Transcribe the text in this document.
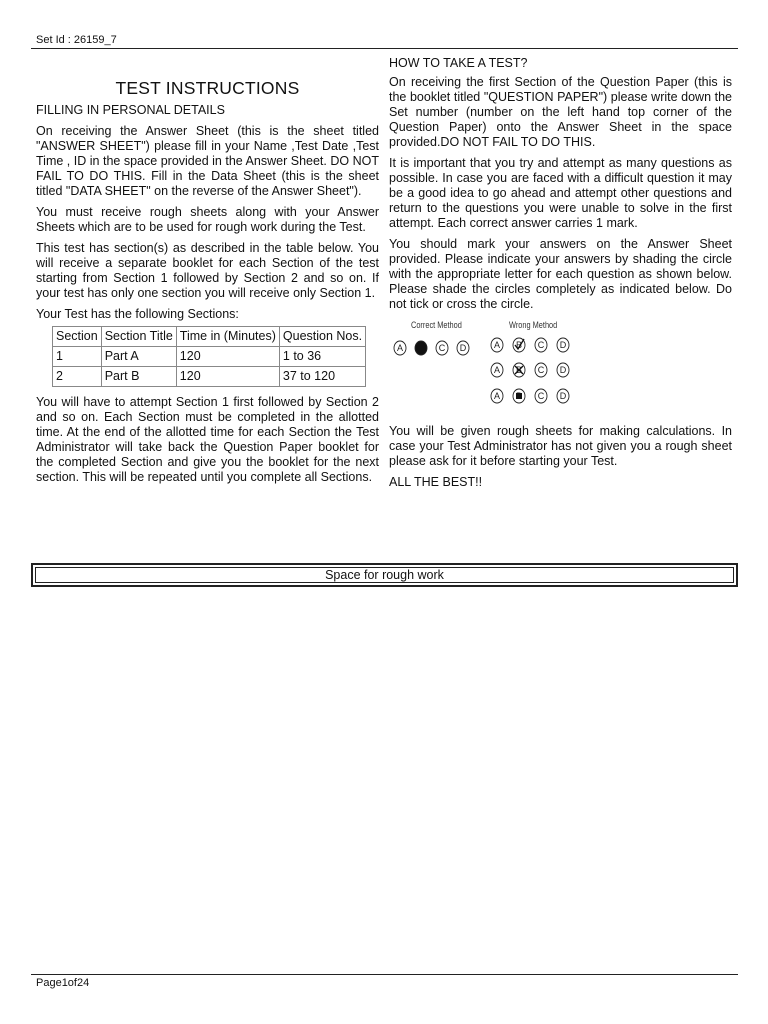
Set Id : 26159_7

TEST INSTRUCTIONS

FILLING IN PERSONAL DETAILS

On receiving the Answer Sheet (this is the sheet titled "ANSWER SHEET") please fill in your Name ,Test Date ,Test Time , ID in the space provided in the Answer Sheet. DO NOT FAIL TO DO THIS. Fill in the Data Sheet (this is the sheet titled "DATA SHEET" on the reverse of the Answer Sheet").

You must receive rough sheets along with your Answer Sheets which are to be used for rough work during the Test.

This test has section(s) as described in the table below. You will receive a separate booklet for each Section of the test starting from Section 1 followed by Section 2 and so on. If your test has only one section you will receive only Section 1.

Your Test has the following Sections:

Section	Section Title	Time in (Minutes)	Question Nos.
1	Part A	120	1 to 36
2	Part B	120	37 to 120

You will have to attempt Section 1 first followed by Section 2 and so on. Each Section must be completed in the allotted time. At the end of the allotted time for each Section the Test Administrator will take back the Question Paper booklet for the completed Section and give you the booklet for the next section. This will be repeated until you complete all Sections.

HOW TO TAKE A TEST?

On receiving the first Section of the Question Paper (this is the booklet titled "QUESTION PAPER") please write down the Set number (number on the left hand top corner of the Question Paper) onto the Answer Sheet in the space provided.DO NOT FAIL TO DO THIS.

It is important that you try and attempt as many questions as possible. In case you are faced with a difficult question it may be a good idea to go ahead and attempt other questions and return to the questions you were unable to solve in the first attempt. Each correct answer carries 1 mark.

You should mark your answers on the Answer Sheet provided. Please indicate your answers by shading the circle with the appropriate letter for each question as shown below. Please shade the circles completely as indicated below. Do not tick or cross the circle.

Correct Method	Wrong Method
A	C D	A B C D
A B C D
A	C D

You will be given rough sheets for making calculations. In case your Test Administrator has not given you a rough sheet please ask for it before starting your Test.

ALL THE BEST!!

Space for rough work
Page1of24
